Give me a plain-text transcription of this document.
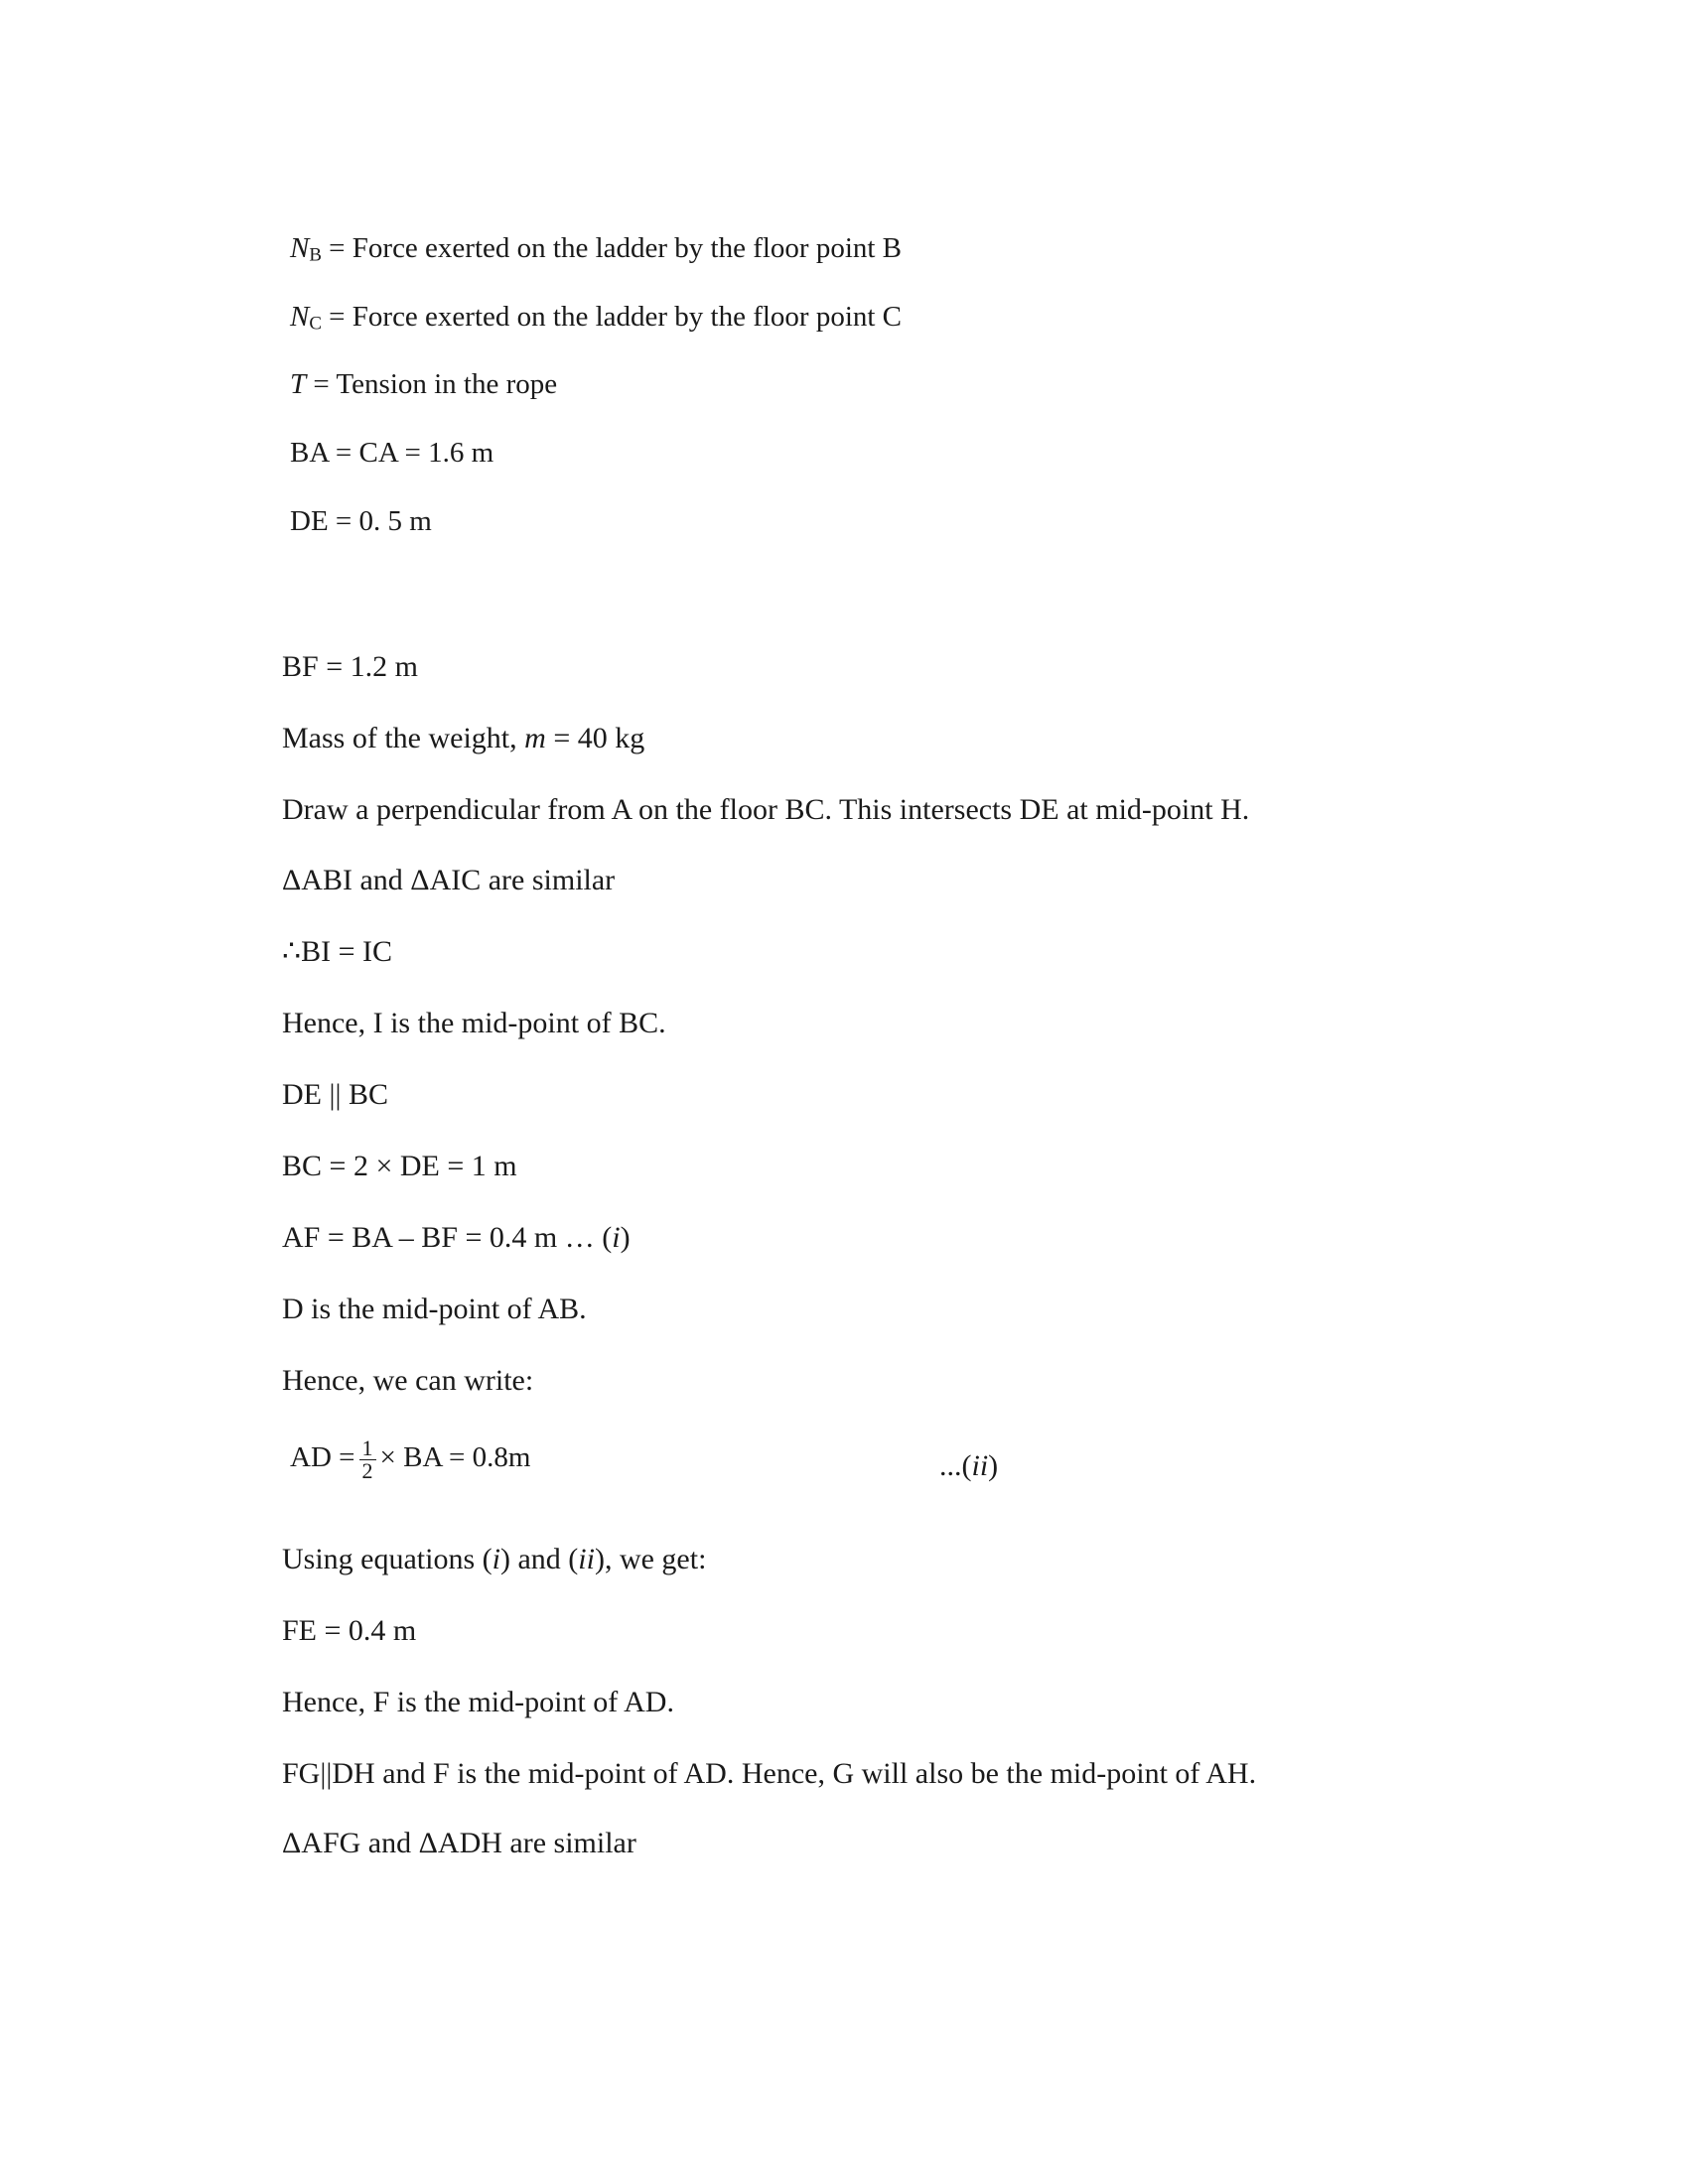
$N_B$ = Force exerted on the ladder by the floor point B
$N_C$ = Force exerted on the ladder by the floor point C
T = Tension in the rope
BA = CA = 1.6 m
DE = 0. 5 m
BF = 1.2 m
Mass of the weight, m = 40 kg
Draw a perpendicular from A on the floor BC. This intersects DE at mid-point H.
ΔABI and ΔAIC are similar
∴BI = IC
Hence, I is the mid-point of BC.
DE || BC
BC = 2 × DE = 1 m
AF = BA – BF = 0.4 m … (i)
D is the mid-point of AB.
Hence, we can write:
AD = $\frac{1}{2}$ × BA = 0.8m	...(ii)
Using equations (i) and (ii), we get:
FE = 0.4 m
Hence, F is the mid-point of AD.
FG||DH and F is the mid-point of AD. Hence, G will also be the mid-point of AH.
ΔAFG and ΔADH are similar
